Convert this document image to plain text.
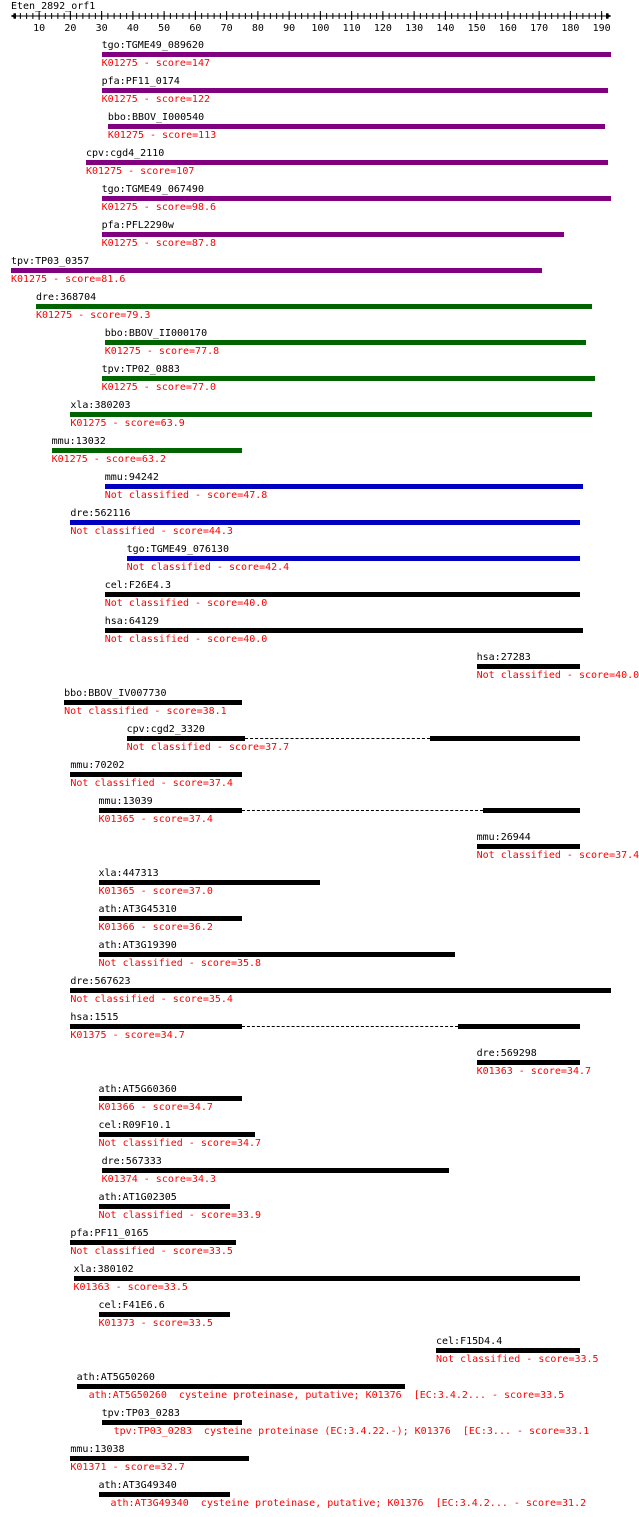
Eten_2892_orf1
10 20 30 40 50 60 70 80 90 100 110 120 130 140 150 160 170 180 190
tgo:TGME49_089620
K01275 - score=147
pfa:PF11_0174
K01275 - score=122
bbo:BBOV_I000540
K01275 - score=113
cpv:cgd4_2110
K01275 - score=107
tgo:TGME49_067490
K01275 - score=98.6
pfa:PFL2290w
K01275 - score=87.8
tpv:TP03_0357
K01275 - score=81.6
dre:368704
K01275 - score=79.3
bbo:BBOV_II000170
K01275 - score=77.8
tpv:TP02_0883
K01275 - score=77.0
xla:380203
K01275 - score=63.9
mmu:13032
K01275 - score=63.2
mmu:94242
Not classified - score=47.8
dre:562116
Not classified - score=44.3
tgo:TGME49_076130
Not classified - score=42.4
cel:F26E4.3
Not classified - score=40.0
hsa:64129
Not classified - score=40.0
hsa:27283
Not classified - score=40.0
bbo:BBOV_IV007730
Not classified - score=38.1
cpv:cgd2_3320
Not classified - score=37.7
mmu:70202
Not classified - score=37.4
mmu:13039
K01365 - score=37.4
mmu:26944
Not classified - score=37.4
xla:447313
K01365 - score=37.0
ath:AT3G45310
K01366 - score=36.2
ath:AT3G19390
Not classified - score=35.8
dre:567623
Not classified - score=35.4
hsa:1515
K01375 - score=34.7
dre:569298
K01363 - score=34.7
ath:AT5G60360
K01366 - score=34.7
cel:R09F10.1
Not classified - score=34.7
dre:567333
K01374 - score=34.3
ath:AT1G02305
Not classified - score=33.9
pfa:PF11_0165
Not classified - score=33.5
xla:380102
K01363 - score=33.5
cel:F41E6.6
K01373 - score=33.5
cel:F15D4.4
Not classified - score=33.5
ath:AT5G50260
ath:AT5G50260  cysteine proteinase, putative; K01376  [EC:3.4.2... - score=33.5
tpv:TP03_0283
tpv:TP03_0283  cysteine proteinase (EC:3.4.22.-); K01376  [EC:3... - score=33.1
mmu:13038
K01371 - score=32.7
ath:AT3G49340
ath:AT3G49340  cysteine proteinase, putative; K01376  [EC:3.4.2... - score=31.2
